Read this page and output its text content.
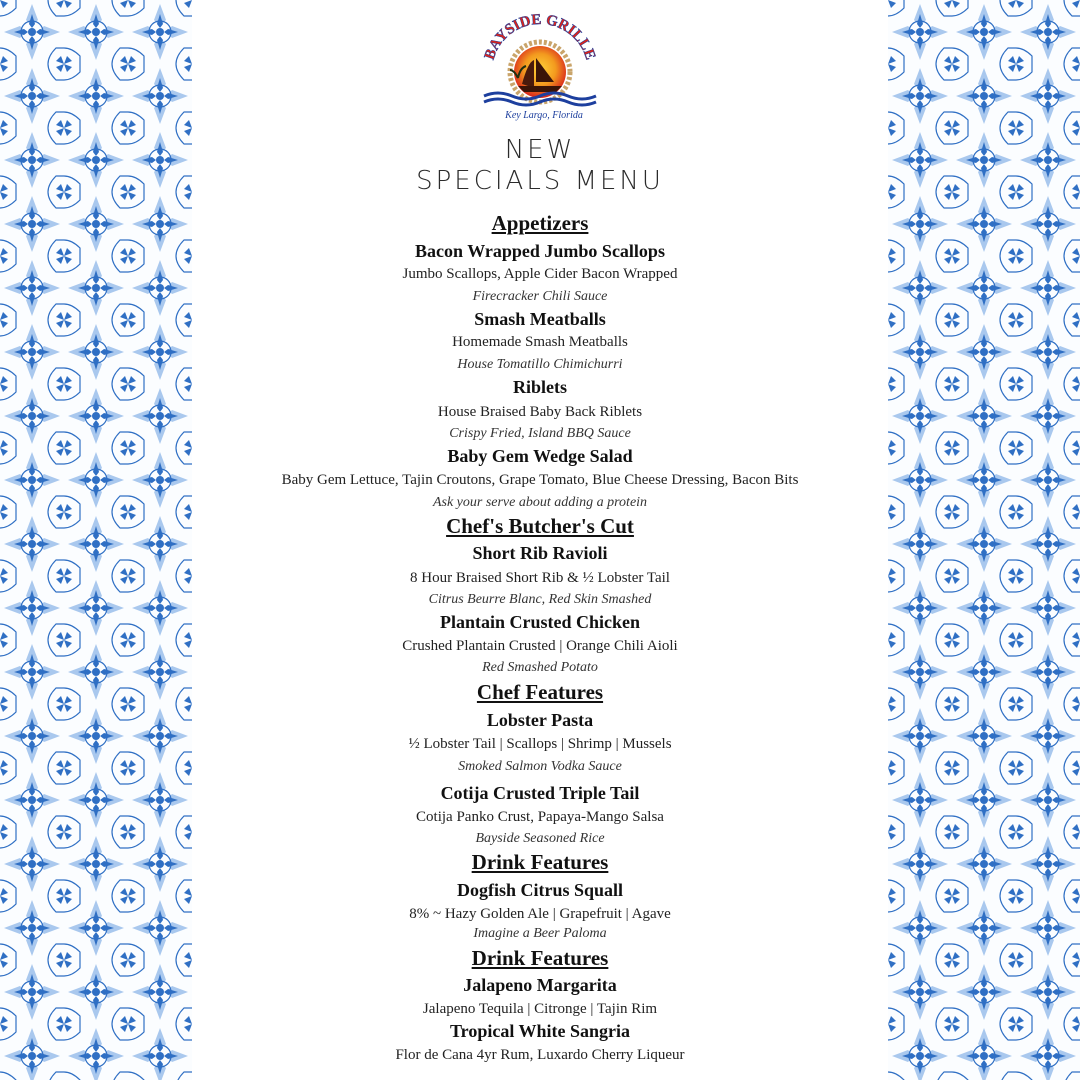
BAYSIDE GRILLE
Key Largo, Florida
NEW
SPECIALS MENU
Appetizers
Bacon Wrapped Jumbo Scallops
Jumbo Scallops, Apple Cider Bacon Wrapped
Firecracker Chili Sauce
Smash Meatballs
Homemade Smash Meatballs
House Tomatillo Chimichurri
Riblets
House Braised Baby Back Riblets
Crispy Fried, Island BBQ Sauce
Baby Gem Wedge Salad
Baby Gem Lettuce, Tajin Croutons, Grape Tomato, Blue Cheese Dressing, Bacon Bits
Ask your serve about adding a protein
Chef's Butcher's Cut
Short Rib Ravioli
8 Hour Braised Short Rib & ½ Lobster Tail
Citrus Beurre Blanc, Red Skin Smashed
Plantain Crusted Chicken
Crushed Plantain Crusted | Orange Chili Aioli
Red Smashed Potato
Chef Features
Lobster Pasta
½ Lobster Tail | Scallops | Shrimp | Mussels
Smoked Salmon Vodka Sauce
Cotija Crusted Triple Tail
Cotija Panko Crust, Papaya-Mango Salsa
Bayside Seasoned Rice
Drink Features
Dogfish Citrus Squall
8% ~ Hazy Golden Ale | Grapefruit | Agave
Imagine a Beer Paloma
Drink Features
Jalapeno Margarita
Jalapeno Tequila | Citronge | Tajin Rim
Tropical White Sangria
Flor de Cana 4yr Rum, Luxardo Cherry Liqueur
